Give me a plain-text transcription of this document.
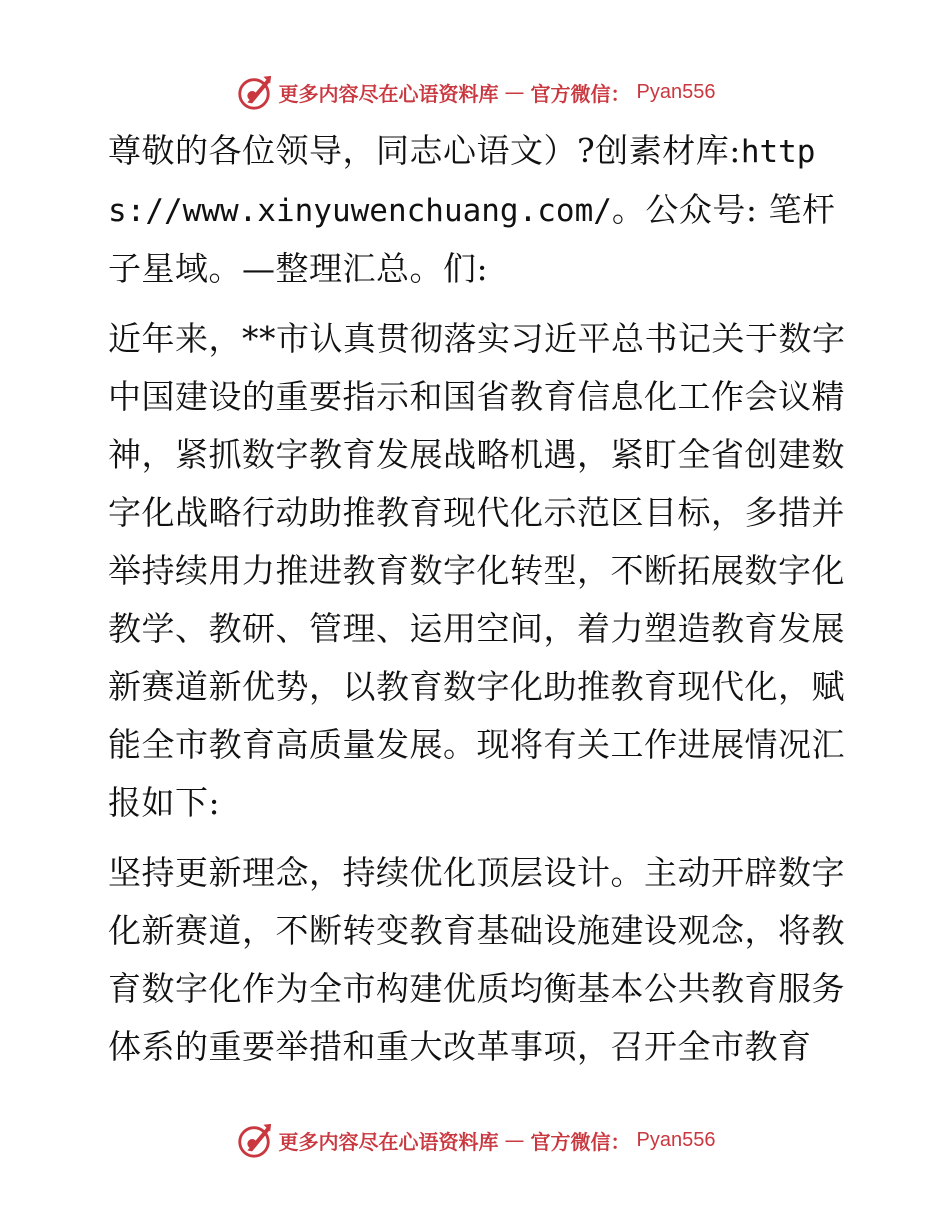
更多内容尽在心语资料库 — 官方微信： Pyan556

尊敬的各位领导，同志心语文）?创素材库:https://www.xinyuwenchuang.com/。公众号: 笔杆子星域。—整理汇总。们:

近年来，**市认真贯彻落实习近平总书记关于数字中国建设的重要指示和国省教育信息化工作会议精神，紧抓数字教育发展战略机遇，紧盯全省创建数字化战略行动助推教育现代化示范区目标，多措并举持续用力推进教育数字化转型，不断拓展数字化教学、教研、管理、运用空间，着力塑造教育发展新赛道新优势，以教育数字化助推教育现代化，赋能全市教育高质量发展。现将有关工作进展情况汇报如下:

坚持更新理念，持续优化顶层设计。主动开辟数字化新赛道，不断转变教育基础设施建设观念，将教育数字化作为全市构建优质均衡基本公共教育服务体系的重要举措和重大改革事项，召开全市教育

更多内容尽在心语资料库 — 官方微信： Pyan556
